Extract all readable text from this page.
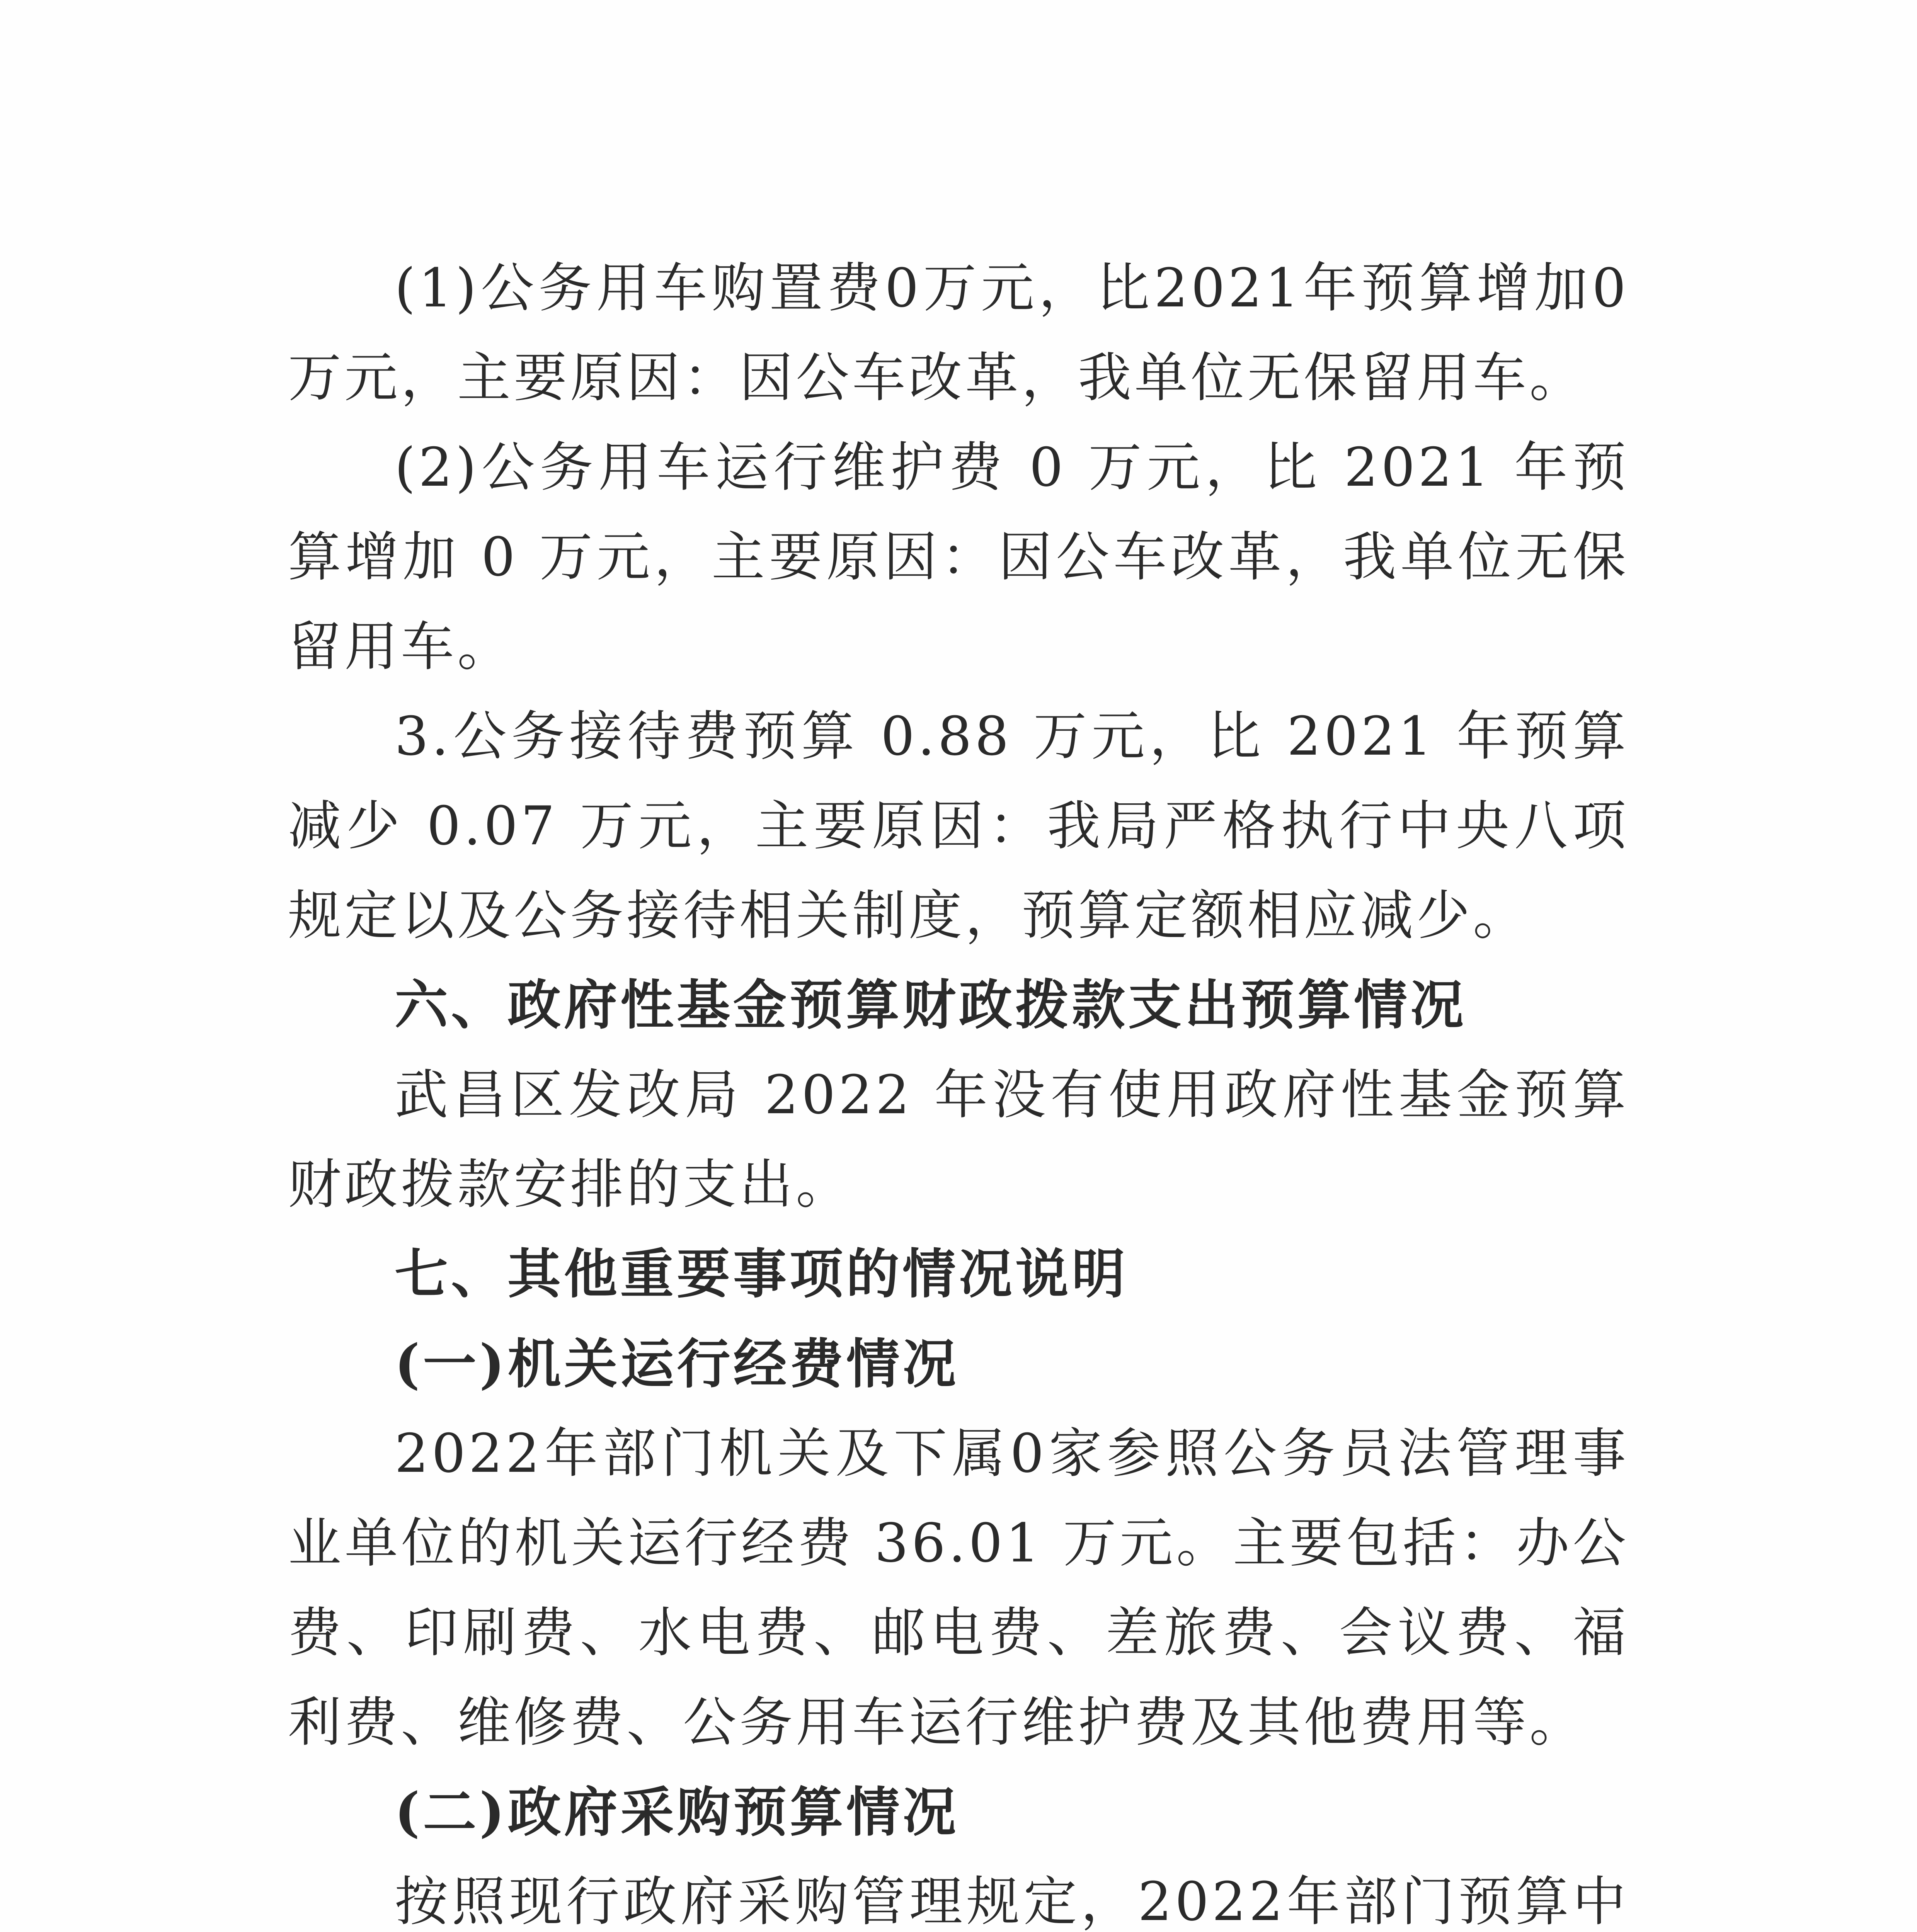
(1)公务用车购置费0万元，比2021年预算增加0万元，主要原因：因公车改革，我单位无保留用车。

(2)公务用车运行维护费 0 万元，比 2021 年预算增加 0 万元，主要原因：因公车改革，我单位无保留用车。

3.公务接待费预算 0.88 万元，比 2021 年预算减少 0.07 万元，主要原因：我局严格执行中央八项规定以及公务接待相关制度，预算定额相应减少。

六、政府性基金预算财政拨款支出预算情况

武昌区发改局 2022 年没有使用政府性基金预算财政拨款安排的支出。

七、其他重要事项的情况说明

(一)机关运行经费情况

2022年部门机关及下属0家参照公务员法管理事业单位的机关运行经费 36.01 万元。主要包括：办公费、印刷费、水电费、邮电费、差旅费、会议费、福利费、维修费、公务用车运行维护费及其他费用等。

(二)政府采购预算情况

按照现行政府采购管理规定，2022年部门预算中
